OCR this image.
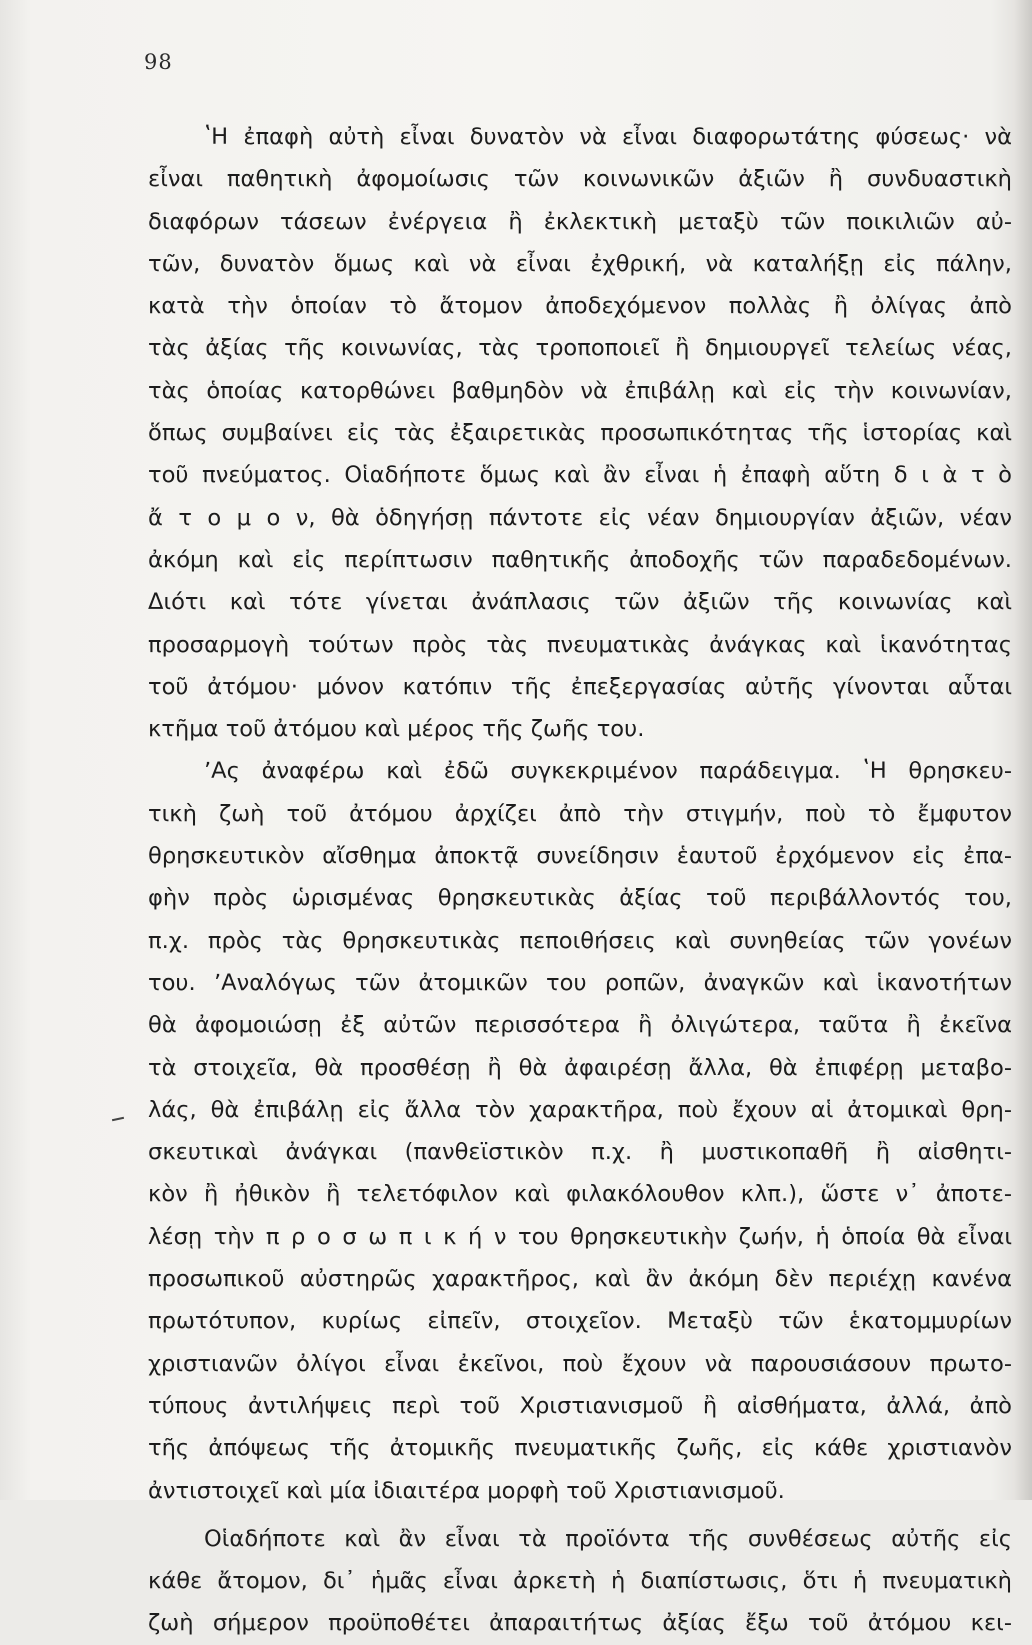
98
ʽΗ ἐπαφὴ αὐτὴ εἶναι δυνατὸν νὰ εἶναι διαφορωτάτης φύσεως· νὰ
εἶναι παθητικὴ ἀφομοίωσις τῶν κοινωνικῶν ἀξιῶν ἢ συνδυαστικὴ
διαφόρων τάσεων ἐνέργεια ἢ ἐκλεκτικὴ μεταξὺ τῶν ποικιλιῶν αὐ-
τῶν, δυνατὸν ὅμως καὶ νὰ εἶναι ἐχθρική, νὰ καταλήξῃ εἰς πάλην,
κατὰ τὴν ὁποίαν τὸ ἄτομον ἀποδεχόμενον πολλὰς ἢ ὀλίγας ἀπὸ
τὰς ἀξίας τῆς κοινωνίας, τὰς τροποποιεῖ ἢ δημιουργεῖ τελείως νέας,
τὰς ὁποίας κατορθώνει βαθμηδὸν νὰ ἐπιβάλῃ καὶ εἰς τὴν κοινωνίαν,
ὅπως συμβαίνει εἰς τὰς ἐξαιρετικὰς προσωπικότητας τῆς ἱστορίας καὶ
τοῦ πνεύματος. Οἱαδήποτε ὅμως καὶ ἂν εἶναι ἡ ἐπαφὴ αὕτη δ ι ὰ τ ὸ
ἄ τ ο μ ο ν, θὰ ὁδηγήσῃ πάντοτε εἰς νέαν δημιουργίαν ἀξιῶν, νέαν
ἀκόμη καὶ εἰς περίπτωσιν παθητικῆς ἀποδοχῆς τῶν παραδεδομένων.
Διότι καὶ τότε γίνεται ἀνάπλασις τῶν ἀξιῶν τῆς κοινωνίας καὶ
προσαρμογὴ τούτων πρὸς τὰς πνευματικὰς ἀνάγκας καὶ ἱκανότητας
τοῦ ἀτόμου· μόνον κατόπιν τῆς ἐπεξεργασίας αὐτῆς γίνονται αὗται
κτῆμα τοῦ ἀτόμου καὶ μέρος τῆς ζωῆς του.
ʼΑς ἀναφέρω καὶ ἐδῶ συγκεκριμένον παράδειγμα. ʽΗ θρησκευ-
τικὴ ζωὴ τοῦ ἀτόμου ἀρχίζει ἀπὸ τὴν στιγμήν, ποὺ τὸ ἔμφυτον
θρησκευτικὸν αἴσθημα ἀποκτᾷ συνείδησιν ἑαυτοῦ ἐρχόμενον εἰς ἐπα-
φὴν πρὸς ὡρισμένας θρησκευτικὰς ἀξίας τοῦ περιβάλλοντός του,
π.χ. πρὸς τὰς θρησκευτικὰς πεποιθήσεις καὶ συνηθείας τῶν γονέων
του. ʼΑναλόγως τῶν ἀτομικῶν του ροπῶν, ἀναγκῶν καὶ ἱκανοτήτων
θὰ ἀφομοιώσῃ ἐξ αὐτῶν περισσότερα ἢ ὀλιγώτερα, ταῦτα ἢ ἐκεῖνα
τὰ στοιχεῖα, θὰ προσθέσῃ ἢ θὰ ἀφαιρέσῃ ἄλλα, θὰ ἐπιφέρῃ μεταβο-
λάς, θὰ ἐπιβάλῃ εἰς ἄλλα τὸν χαρακτῆρα, ποὺ ἔχουν αἱ ἀτομικαὶ θρη-
σκευτικαὶ ἀνάγκαι (πανθεϊστικὸν π.χ. ἢ μυστικοπαθῆ ἢ αἰσθητι-
κὸν ἢ ἠθικὸν ἢ τελετόφιλον καὶ φιλακόλουθον κλπ.), ὥστε ν᾽ ἀποτε-
λέσῃ τὴν π ρ ο σ ω π ι κ ή ν του θρησκευτικὴν ζωήν, ἡ ὁποία θὰ εἶναι
προσωπικοῦ αὐστηρῶς χαρακτῆρος, καὶ ἂν ἀκόμη δὲν περιέχῃ κανένα
πρωτότυπον, κυρίως εἰπεῖν, στοιχεῖον. Μεταξὺ τῶν ἑκατομμυρίων
χριστιανῶν ὀλίγοι εἶναι ἐκεῖνοι, ποὺ ἔχουν νὰ παρουσιάσουν πρωτο-
τύπους ἀντιλήψεις περὶ τοῦ Χριστιανισμοῦ ἢ αἰσθήματα, ἀλλά, ἀπὸ
τῆς ἀπόψεως τῆς ἀτομικῆς πνευματικῆς ζωῆς, εἰς κάθε χριστιανὸν
ἀντιστοιχεῖ καὶ μία ἰδιαιτέρα μορφὴ τοῦ Χριστιανισμοῦ.
Οἱαδήποτε καὶ ἂν εἶναι τὰ προϊόντα τῆς συνθέσεως αὐτῆς εἰς
κάθε ἄτομον, δι᾽ ἡμᾶς εἶναι ἀρκετὴ ἡ διαπίστωσις, ὅτι ἡ πνευματικὴ
ζωὴ σήμερον προϋποθέτει ἀπαραιτήτως ἀξίας ἔξω τοῦ ἀτόμου κει-
